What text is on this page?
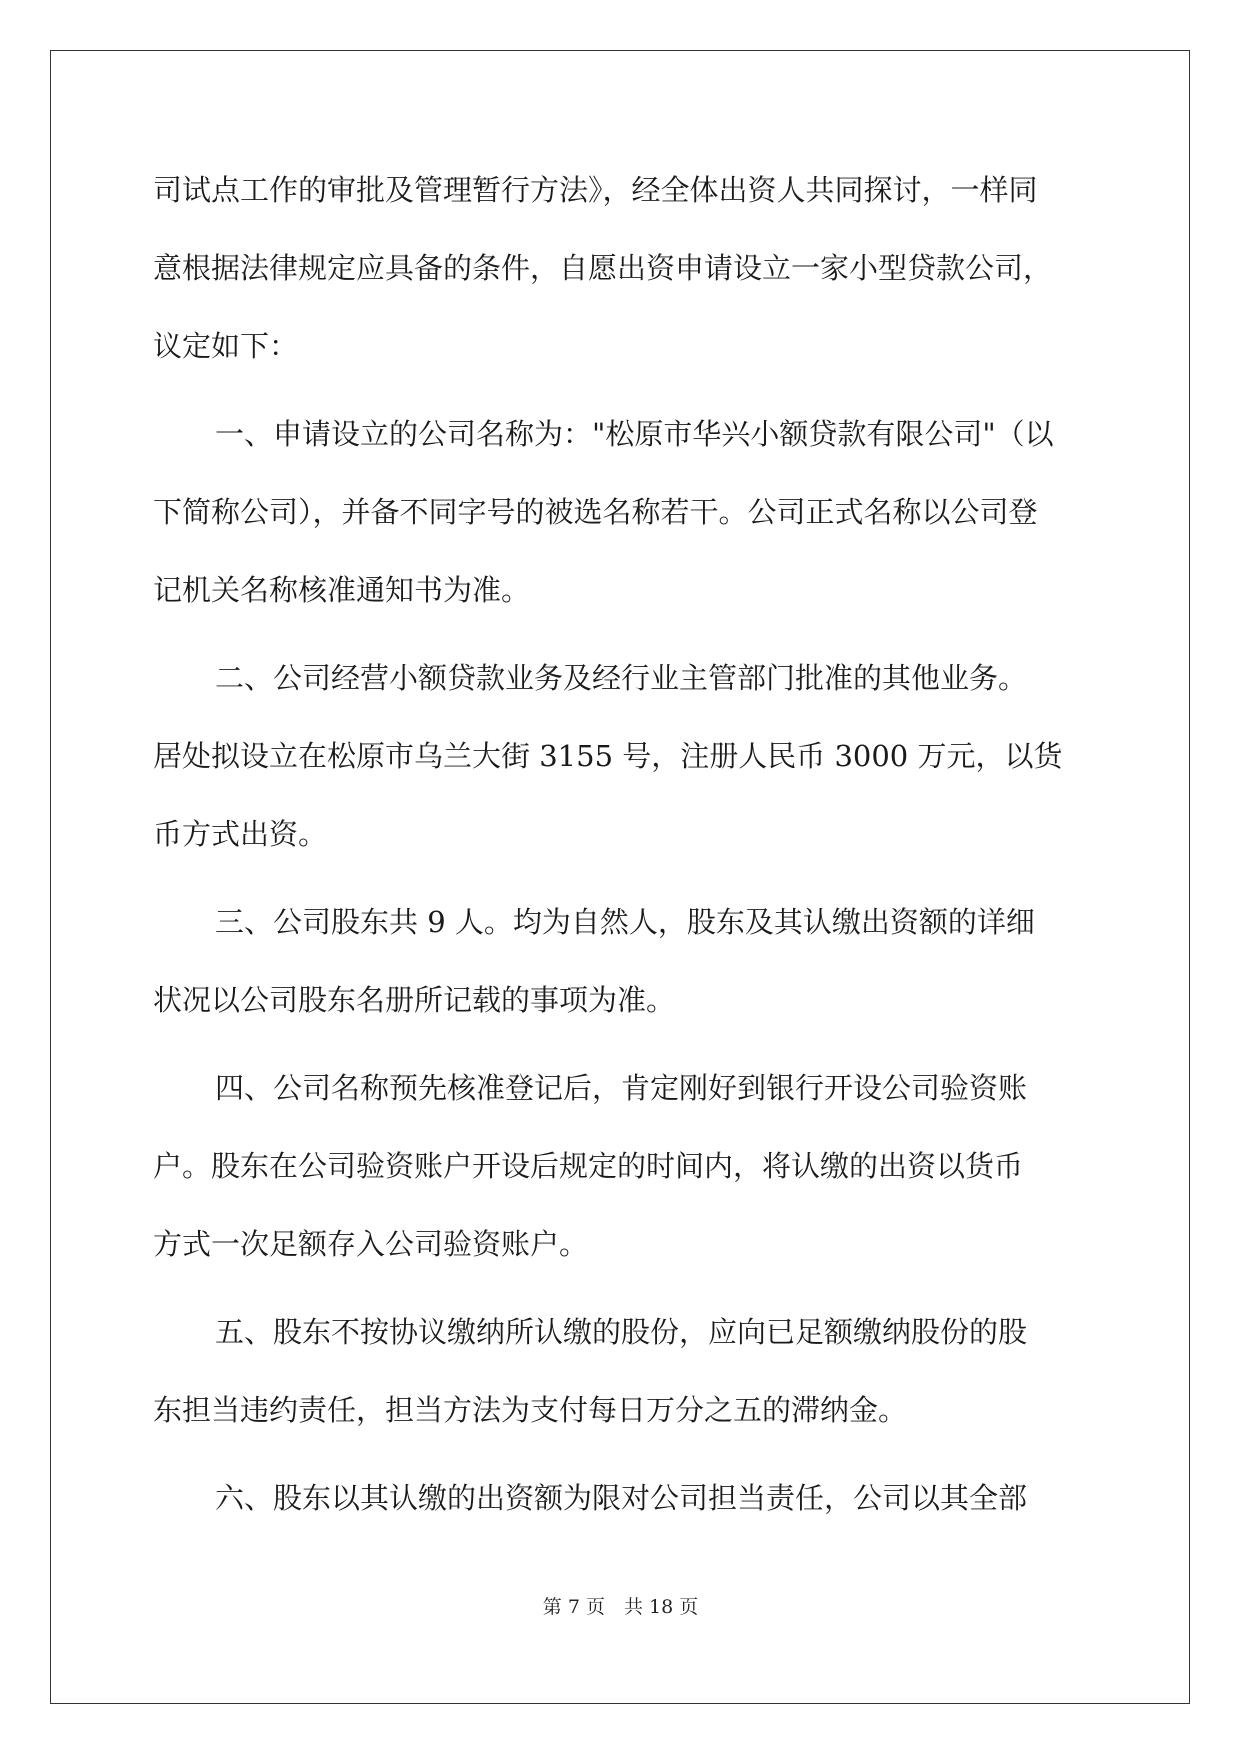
司试点工作的审批及管理暂行方法》，经全体出资人共同探讨，一样同
意根据法律规定应具备的条件，自愿出资申请设立一家小型贷款公司，
议定如下：
一、申请设立的公司名称为："松原市华兴小额贷款有限公司"（以
下简称公司），并备不同字号的被选名称若干。公司正式名称以公司登
记机关名称核准通知书为准。
二、公司经营小额贷款业务及经行业主管部门批准的其他业务。
居处拟设立在松原市乌兰大街 3155 号，注册人民币 3000 万元，以货
币方式出资。
三、公司股东共 9 人。均为自然人，股东及其认缴出资额的详细
状况以公司股东名册所记载的事项为准。
四、公司名称预先核准登记后，肯定刚好到银行开设公司验资账
户。股东在公司验资账户开设后规定的时间内，将认缴的出资以货币
方式一次足额存入公司验资账户。
五、股东不按协议缴纳所认缴的股份，应向已足额缴纳股份的股
东担当违约责任，担当方法为支付每日万分之五的滞纳金。
六、股东以其认缴的出资额为限对公司担当责任，公司以其全部
第 7 页　共 18 页
